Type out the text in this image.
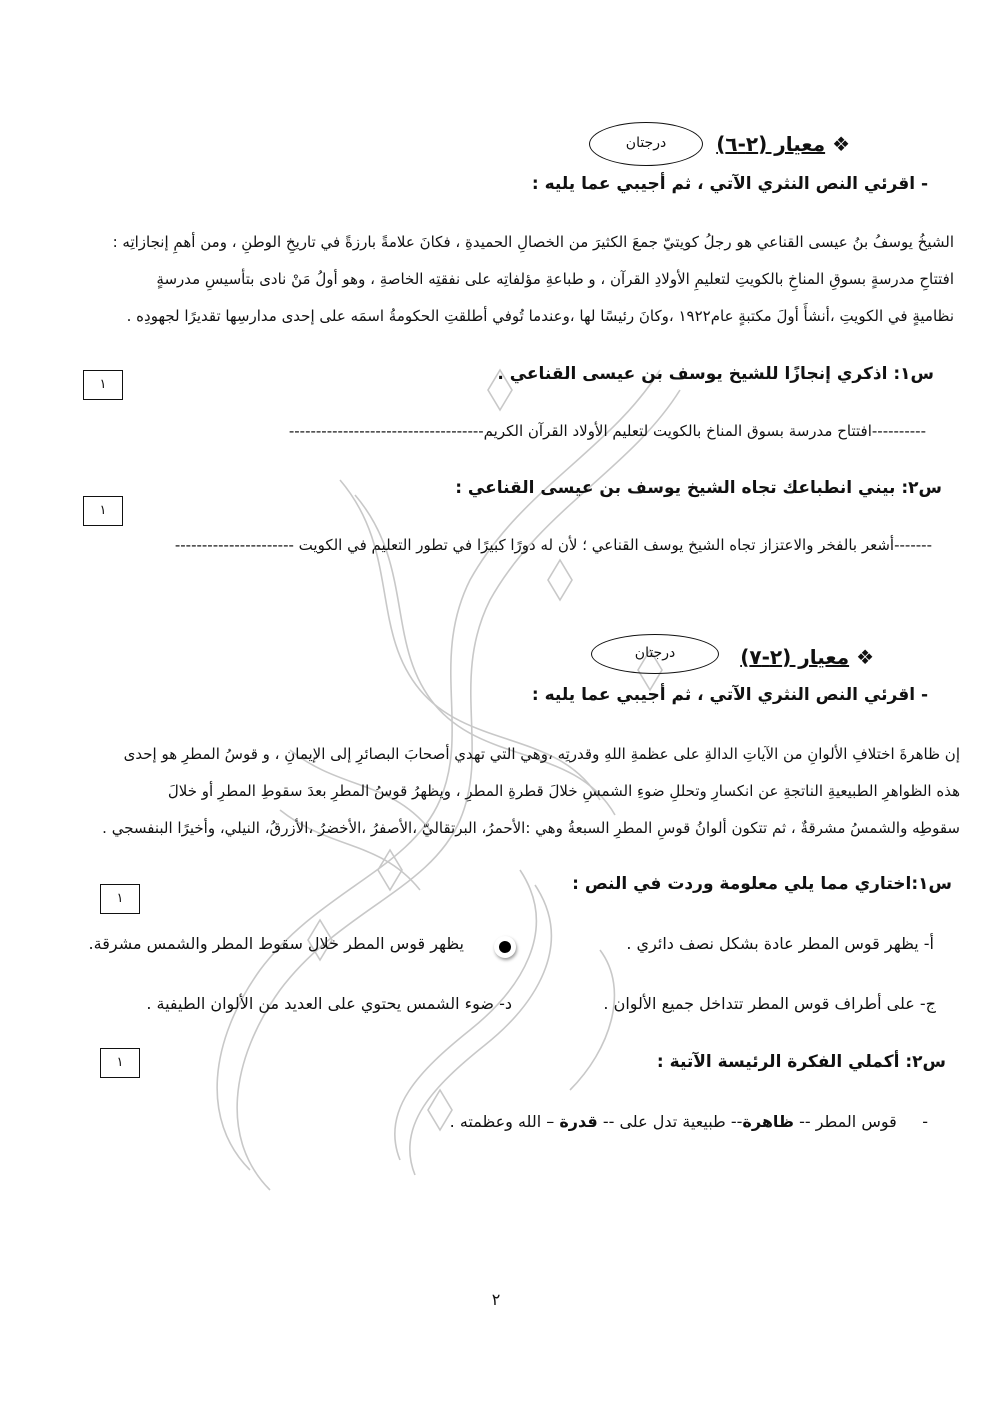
❖ معيار (٢-٦)
درجتان
- اقرئي النص النثري الآتي ، ثم أجيبي عما يليه :
الشيخُ يوسفُ بنُ عيسى القناعي هو رجلُ كويتيّ جمعَ الكثيرَ من الخصالِ الحميدةِ ، فكانَ علامةً بارزةً في تاريخِ الوطنِ ، ومن أهمِ إنجازاتِه :
افتتاحِ مدرسةٍ بسوقِ المناخِ بالكويتِ لتعليمِ الأولادِ القرآن ، و طباعةِ مؤلفاتِه على نفقتِه الخاصةِ ، وهو أولُ مَنْ نادى بتأسيسِ مدرسةٍ
نظاميةٍ في الكويتِ ،أنشأَ أولَ مكتبةٍ عام١٩٢٢ ،وكانَ رئيسًا لها ،وعندما تُوفي أطلقتِ الحكومةُ اسمَه على إحدى مدارسِها تقديرًا لجهودِه .
س١: اذكري إنجازًا للشيخ يوسف بن عيسى القناعي .
١
----------افتتاح مدرسة بسوق المناخ بالكويت لتعليم الأولاد القرآن الكريم------------------------------------
س٢: بيني انطباعك تجاه الشيخ يوسف بن عيسى القناعي :
١
-------أشعر بالفخر والاعتزاز تجاه الشيخ يوسف القناعي ؛ لأن له دورًا كبيرًا في تطور التعليم في الكويت ----------------------
❖ معيار (٢-٧)
درجتان
- اقرئي النص النثري الآتي ، ثم أجيبي عما يليه :
إن ظاهرةَ اختلافِ الألوانِ من الآياتِ الدالةِ على عظمةِ اللهِ وقدرتِه ،وهي التي تهدي أصحابَ البصائرِ إلى الإيمانِ ، و قوسُ المطرِ هو إحدى
هذه الظواهرِ الطبيعيةِ الناتجةِ عن انكسارِ وتحللِ ضوءِ الشمسِ خلالَ قطرةِ المطرِ ، ويظهرُ قوسُ المطرِ بعدَ سقوطِ المطرِ أو خلالَ
سقوطِه والشمسُ مشرقةٌ ، ثم تتكون ألوانُ قوسِ المطرِ السبعةُ وهي :الأحمرُ، البرتقاليّ ،الأصفرُ ،الأخضرُ ،الأزرقُ، النيلي، وأخيرًا البنفسجي .
س١:اختاري مما يلي معلومة وردت في النص :
١
أ- يظهر قوس المطر عادة بشكل نصف دائري .
يظهر قوس المطر خلال سقوط المطر والشمس مشرقة.
ج- على أطراف قوس المطر تتداخل جميع الألوان .
د- ضوء الشمس يحتوي على العديد من الألوان الطيفية .
س٢: أكملي الفكرة الرئيسة الآتية :
١
-     قوس المطر -- ظاهرة-- طبيعية تدل على -- قدرة – الله وعظمته .
٢
